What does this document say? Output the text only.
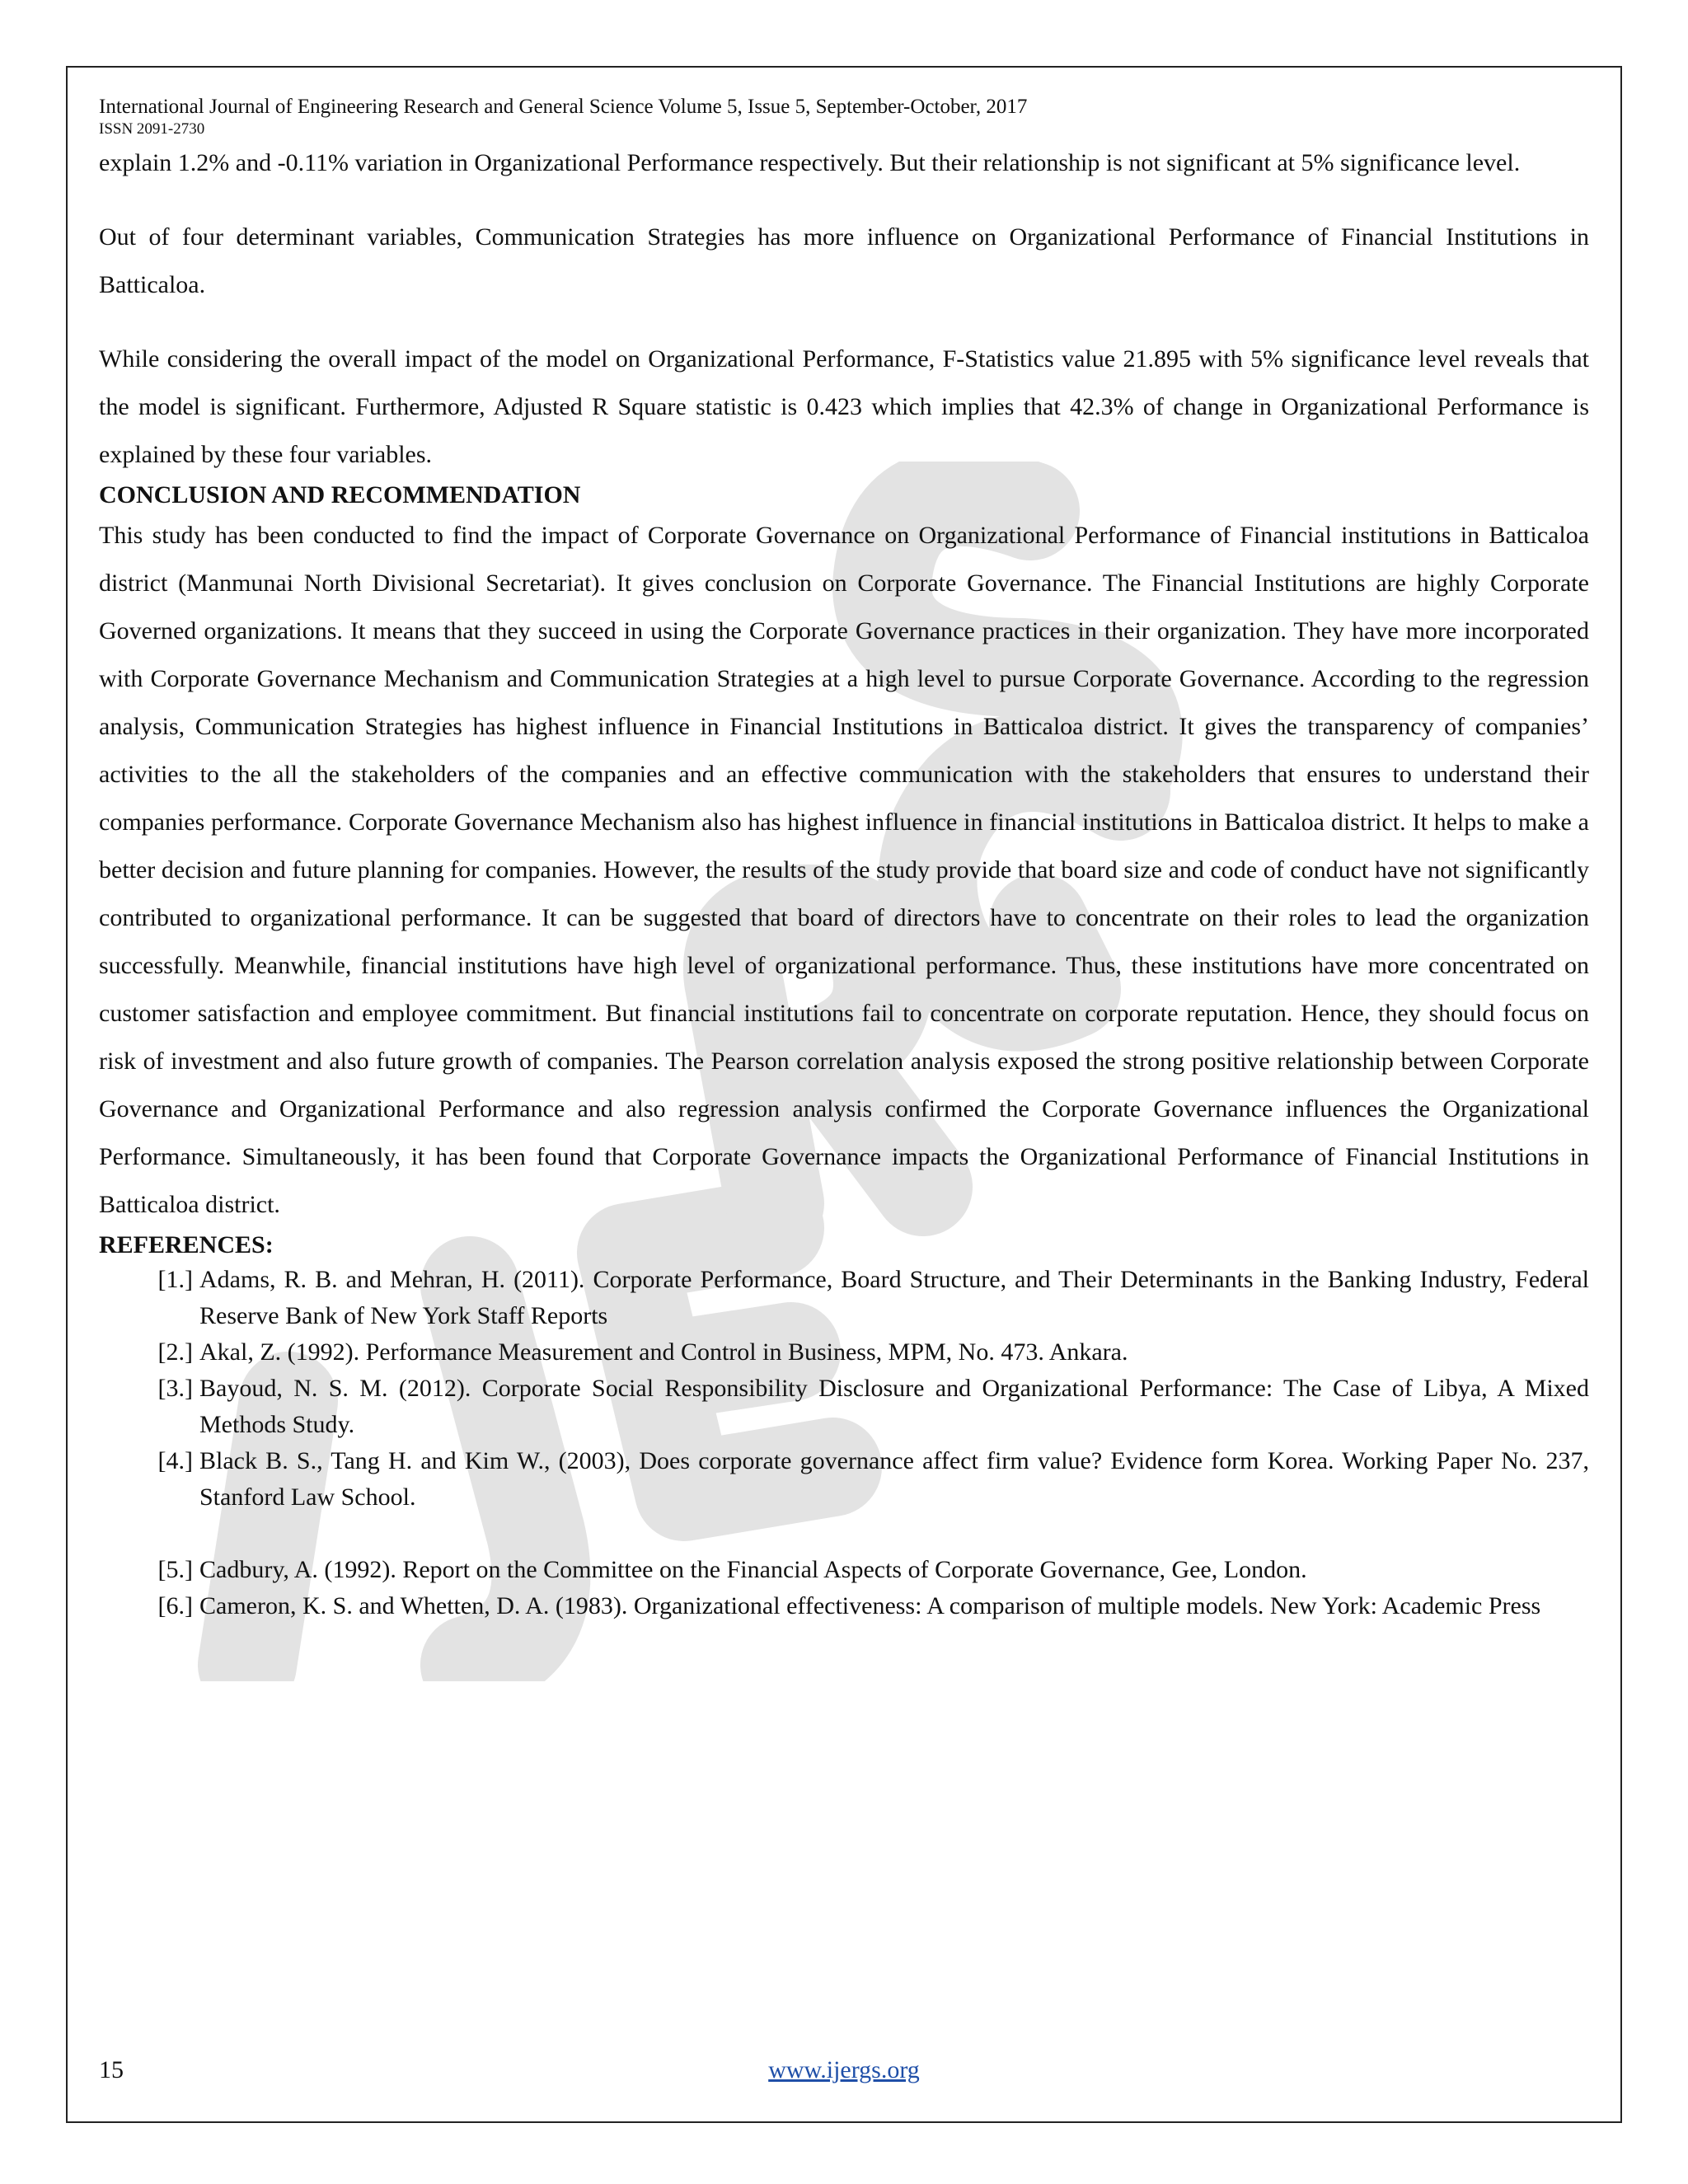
International Journal of Engineering Research and General Science Volume 5, Issue 5, September-October, 2017
ISSN 2091-2730

explain 1.2% and -0.11% variation in Organizational Performance respectively. But their relationship is not significant at 5% significance level.

Out of four determinant variables, Communication Strategies has more influence on Organizational Performance of Financial Institutions in Batticaloa.

While considering the overall impact of the model on Organizational Performance, F-Statistics value 21.895 with 5% significance level reveals that the model is significant. Furthermore, Adjusted R Square statistic is 0.423 which implies that 42.3% of change in Organizational Performance is explained by these four variables.

CONCLUSION AND RECOMMENDATION

This study has been conducted to find the impact of Corporate Governance on Organizational Performance of Financial institutions in Batticaloa district (Manmunai North Divisional Secretariat). It gives conclusion on Corporate Governance. The Financial Institutions are highly Corporate Governed organizations. It means that they succeed in using the Corporate Governance practices in their organization. They have more incorporated with Corporate Governance Mechanism and Communication Strategies at a high level to pursue Corporate Governance. According to the regression analysis, Communication Strategies has highest influence in Financial Institutions in Batticaloa district. It gives the transparency of companies’ activities to the all the stakeholders of the companies and an effective communication with the stakeholders that ensures to understand their companies performance. Corporate Governance Mechanism also has highest influence in financial institutions in Batticaloa district. It helps to make a better decision and future planning for companies. However, the results of the study provide that board size and code of conduct have not significantly contributed to organizational performance. It can be suggested that board of directors have to concentrate on their roles to lead the organization successfully. Meanwhile, financial institutions have high level of organizational performance. Thus, these institutions have more concentrated on customer satisfaction and employee commitment. But financial institutions fail to concentrate on corporate reputation. Hence, they should focus on risk of investment and also future growth of companies. The Pearson correlation analysis exposed the strong positive relationship between Corporate Governance and Organizational Performance and also regression analysis confirmed the Corporate Governance influences the Organizational Performance. Simultaneously, it has been found that Corporate Governance impacts the Organizational Performance of Financial Institutions in Batticaloa district.

REFERENCES:
[1.] Adams, R. B. and Mehran, H. (2011). Corporate Performance, Board Structure, and Their Determinants in the Banking Industry, Federal Reserve Bank of New York Staff Reports
[2.] Akal, Z. (1992). Performance Measurement and Control in Business, MPM, No. 473. Ankara.
[3.] Bayoud, N. S. M. (2012). Corporate Social Responsibility Disclosure and Organizational Performance: The Case of Libya, A Mixed Methods Study.
[4.] Black B. S., Tang H. and Kim W., (2003), Does corporate governance affect firm value? Evidence form Korea. Working Paper No. 237, Stanford Law School.
[5.] Cadbury, A. (1992). Report on the Committee on the Financial Aspects of Corporate Governance, Gee, London.
[6.] Cameron, K. S. and Whetten, D. A. (1983). Organizational effectiveness: A comparison of multiple models. New York: Academic Press
15	www.ijergs.org
